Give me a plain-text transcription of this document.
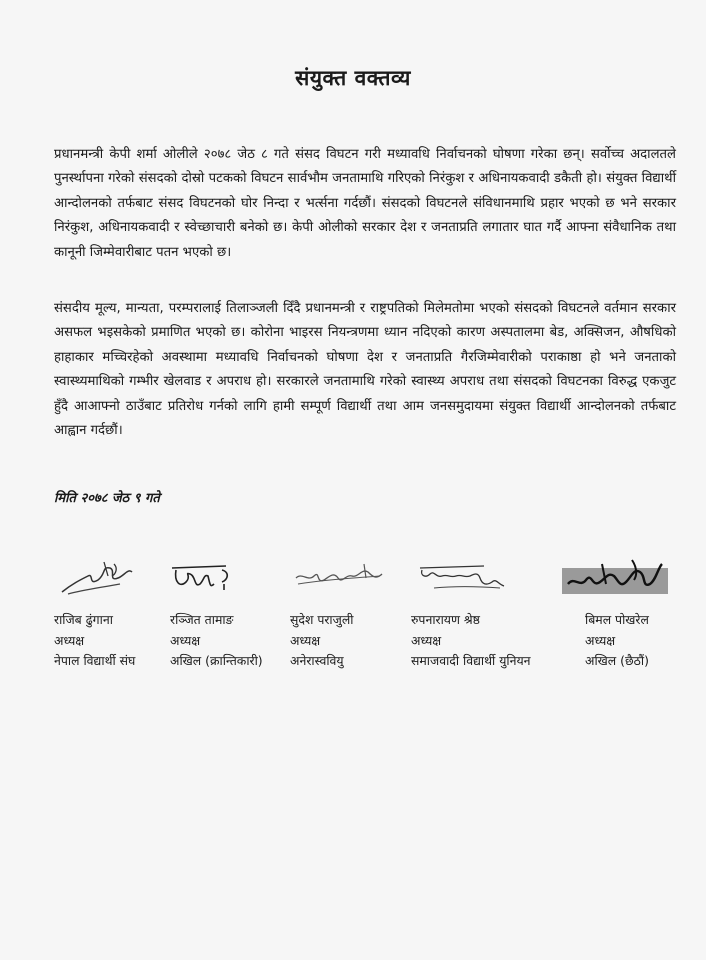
संयुक्त वक्तव्य

प्रधानमन्त्री केपी शर्मा ओलीले २०७८ जेठ ८ गते संसद विघटन गरी मध्यावधि निर्वाचनको घोषणा गरेका छन्। सर्वोच्च अदालतले पुनर्स्थापना गरेको संसदको दोस्रो पटकको विघटन सार्वभौम जनतामाथि गरिएको निरंकुश र अधिनायकवादी डकैती हो। संयुक्त विद्यार्थी आन्दोलनको तर्फबाट संसद विघटनको घोर निन्दा र भर्त्सना गर्दछौं। संसदको विघटनले संविधानमाथि प्रहार भएको छ भने सरकार निरंकुश, अधिनायकवादी र स्वेच्छाचारी बनेको छ। केपी ओलीको सरकार देश र जनताप्रति लगातार घात गर्दै आफ्ना संवैधानिक तथा कानूनी जिम्मेवारीबाट पतन भएको छ।

संसदीय मूल्य, मान्यता, परम्परालाई तिलाञ्जली दिँदै प्रधानमन्त्री र राष्ट्रपतिको मिलेमतोमा भएको संसदको विघटनले वर्तमान सरकार असफल भइसकेको प्रमाणित भएको छ। कोरोना भाइरस नियन्त्रणमा ध्यान नदिएको कारण अस्पतालमा बेड, अक्सिजन, औषधिको हाहाकार मच्चिरहेको अवस्थामा मध्यावधि निर्वाचनको घोषणा देश र जनताप्रति गैरजिम्मेवारीको पराकाष्ठा हो भने जनताको स्वास्थ्यमाथिको गम्भीर खेलवाड र अपराध हो। सरकारले जनतामाथि गरेको स्वास्थ्य अपराध तथा संसदको विघटनका विरुद्ध एकजुट हुँदै आआफ्नो ठाउँबाट प्रतिरोध गर्नको लागि हामी सम्पूर्ण विद्यार्थी तथा आम जनसमुदायमा संयुक्त विद्यार्थी आन्दोलनको तर्फबाट आह्वान गर्दछौं।

मिति २०७८ जेठ ९ गते
राजिब ढुंगाना
अध्यक्ष
नेपाल विद्यार्थी संघ
रञ्जित तामाङ
अध्यक्ष
अखिल (क्रान्तिकारी)
सुदेश पराजुली
अध्यक्ष
अनेरास्ववियु
रुपनारायण श्रेष्ठ
अध्यक्ष
समाजवादी विद्यार्थी युनियन
बिमल पोखरेल
अध्यक्ष
अखिल (छैठौं)
